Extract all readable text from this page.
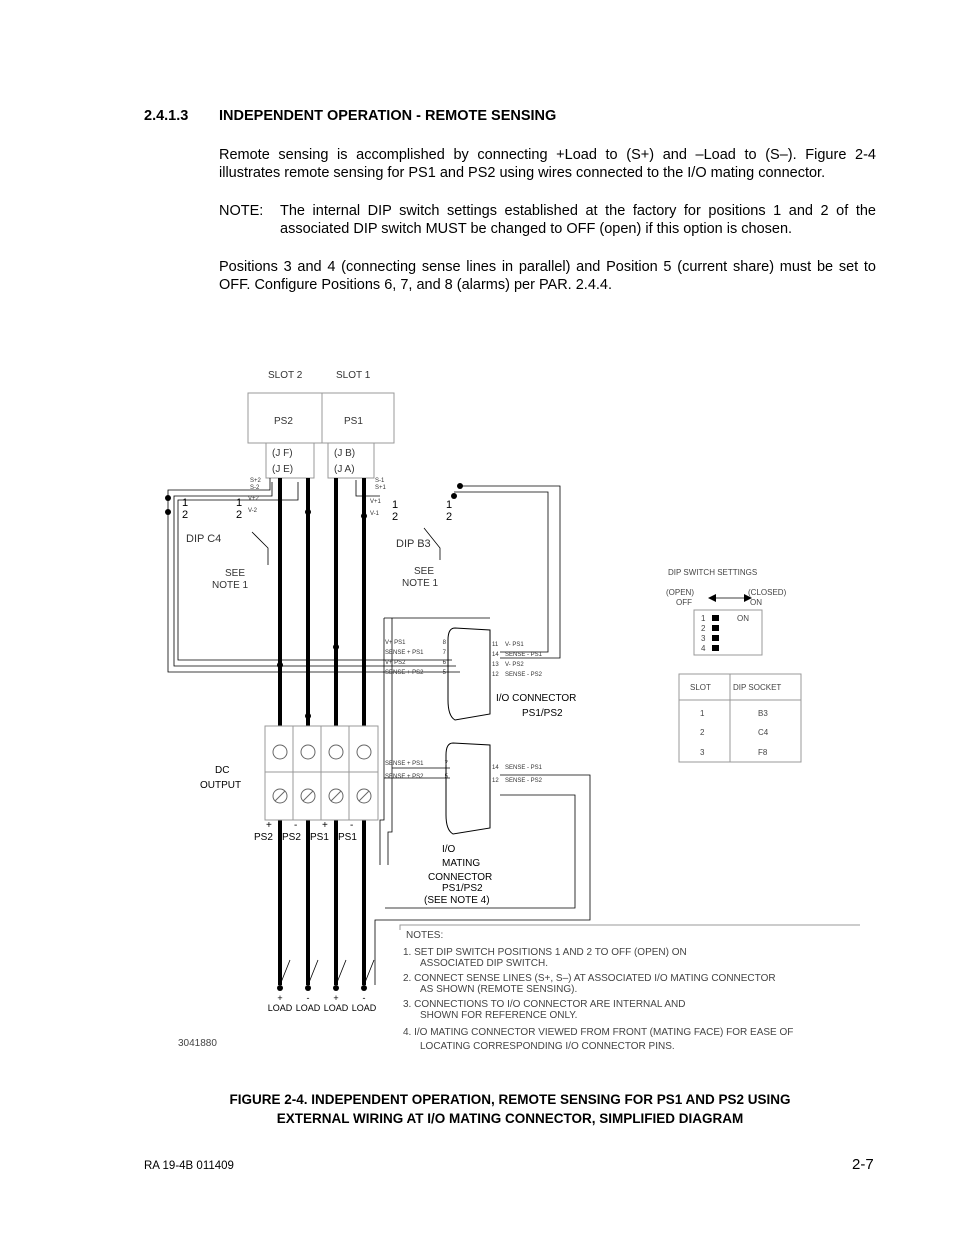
2.4.1.3 INDEPENDENT OPERATION - REMOTE SENSING
Remote sensing is accomplished by connecting +Load to (S+) and –Load to (S–). Figure 2-4 illustrates remote sensing for PS1 and PS2 using wires connected to the I/O mating connector.
NOTE: The internal DIP switch settings established at the factory for positions 1 and 2 of the associated DIP switch MUST be changed to OFF (open) if this option is chosen.
Positions 3 and 4 (connecting sense lines in parallel) and Position 5 (current share) must be set to OFF. Configure Positions 6, 7, and 8 (alarms) per PAR. 2.4.4.
SLOT 2	SLOT 1
PS2	PS1
(J F)
(J E)
(J B)
(J A)
DIP C4	DIP B3
SEE
NOTE 1
SEE
NOTE 1
S+2
S-2
S-1
S+1
V+2
V-2
V+1
V-1
1
2
1
2
1
2
1
2
V+ PS1	8	11 V- PS1
SENSE + PS1	7	14 SENSE - PS1
V+ PS2	6	13 V- PS2
SENSE + PS2	5	12 SENSE - PS2
SENSE + PS1	7
14 SENSE - PS1
SENSE + PS2	5
12 SENSE - PS2
I/O CONNECTOR
PS1/PS2
I/O
MATING
CONNECTOR
PS1/PS2
(SEE NOTE 4)
DC
OUTPUT
+
PS2
-
PS2
+
PS1
-
PS1
+
LOAD
-
LOAD
+
LOAD
-
LOAD
DIP SWITCH SETTINGS
(OPEN)
OFF
(CLOSED)
ON
1
2
3
4
ON
SLOT	DIP SOCKET
1	B3
2	C4
3	F8
NOTES:
1. SET DIP SWITCH POSITIONS 1 AND 2 TO OFF (OPEN) ON
ASSOCIATED DIP SWITCH.
2. CONNECT SENSE LINES (S+, S–) AT ASSOCIATED I/O MATING CONNECTOR
AS SHOWN (REMOTE SENSING).
3. CONNECTIONS TO I/O CONNECTOR ARE INTERNAL AND
SHOWN FOR REFERENCE ONLY.
4. I/O MATING CONNECTOR VIEWED FROM FRONT (MATING FACE) FOR EASE OF
LOCATING CORRESPONDING I/O CONNECTOR PINS.
3041880
FIGURE 2-4. INDEPENDENT OPERATION, REMOTE SENSING FOR PS1 AND PS2 USING
EXTERNAL WIRING AT I/O MATING CONNECTOR, SIMPLIFIED DIAGRAM
RA 19-4B 011409	2-7
